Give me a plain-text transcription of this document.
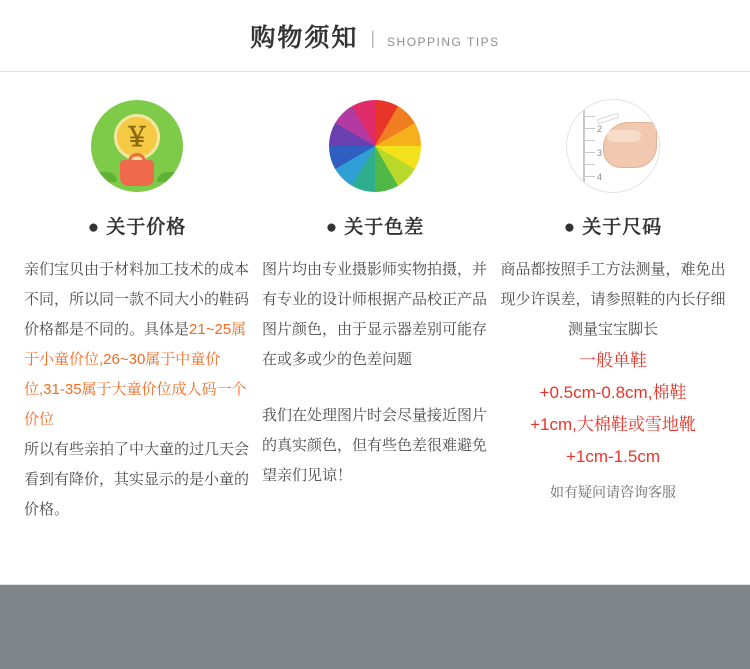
购物须知 | SHOPPING TIPS
￥
● 关于价格

亲们宝贝由于材料加工技术的成本不同，所以同一款不同大小的鞋码价格都是不同的。具体是21~25属于小童价位,26~30属于中童价位,31-35属于大童价位成人码一个价位

所以有些亲拍了中大童的过几天会看到有降价，其实显示的是小童的价格。

● 关于色差

图片均由专业摄影师实物拍摄，并有专业的设计师根据产品校正产品图片颜色，由于显示器差别可能存在或多或少的色差问题

我们在处理图片时会尽量接近图片的真实颜色，但有些色差很难避免望亲们见谅！

2
3
4
● 关于尺码

商品都按照手工方法测量，难免出现少许误差，请参照鞋的内长仔细测量宝宝脚长

一般单鞋
+0.5cm-0.8cm,棉鞋
+1cm,大棉鞋或雪地靴
+1cm-1.5cm
如有疑问请咨询客服
